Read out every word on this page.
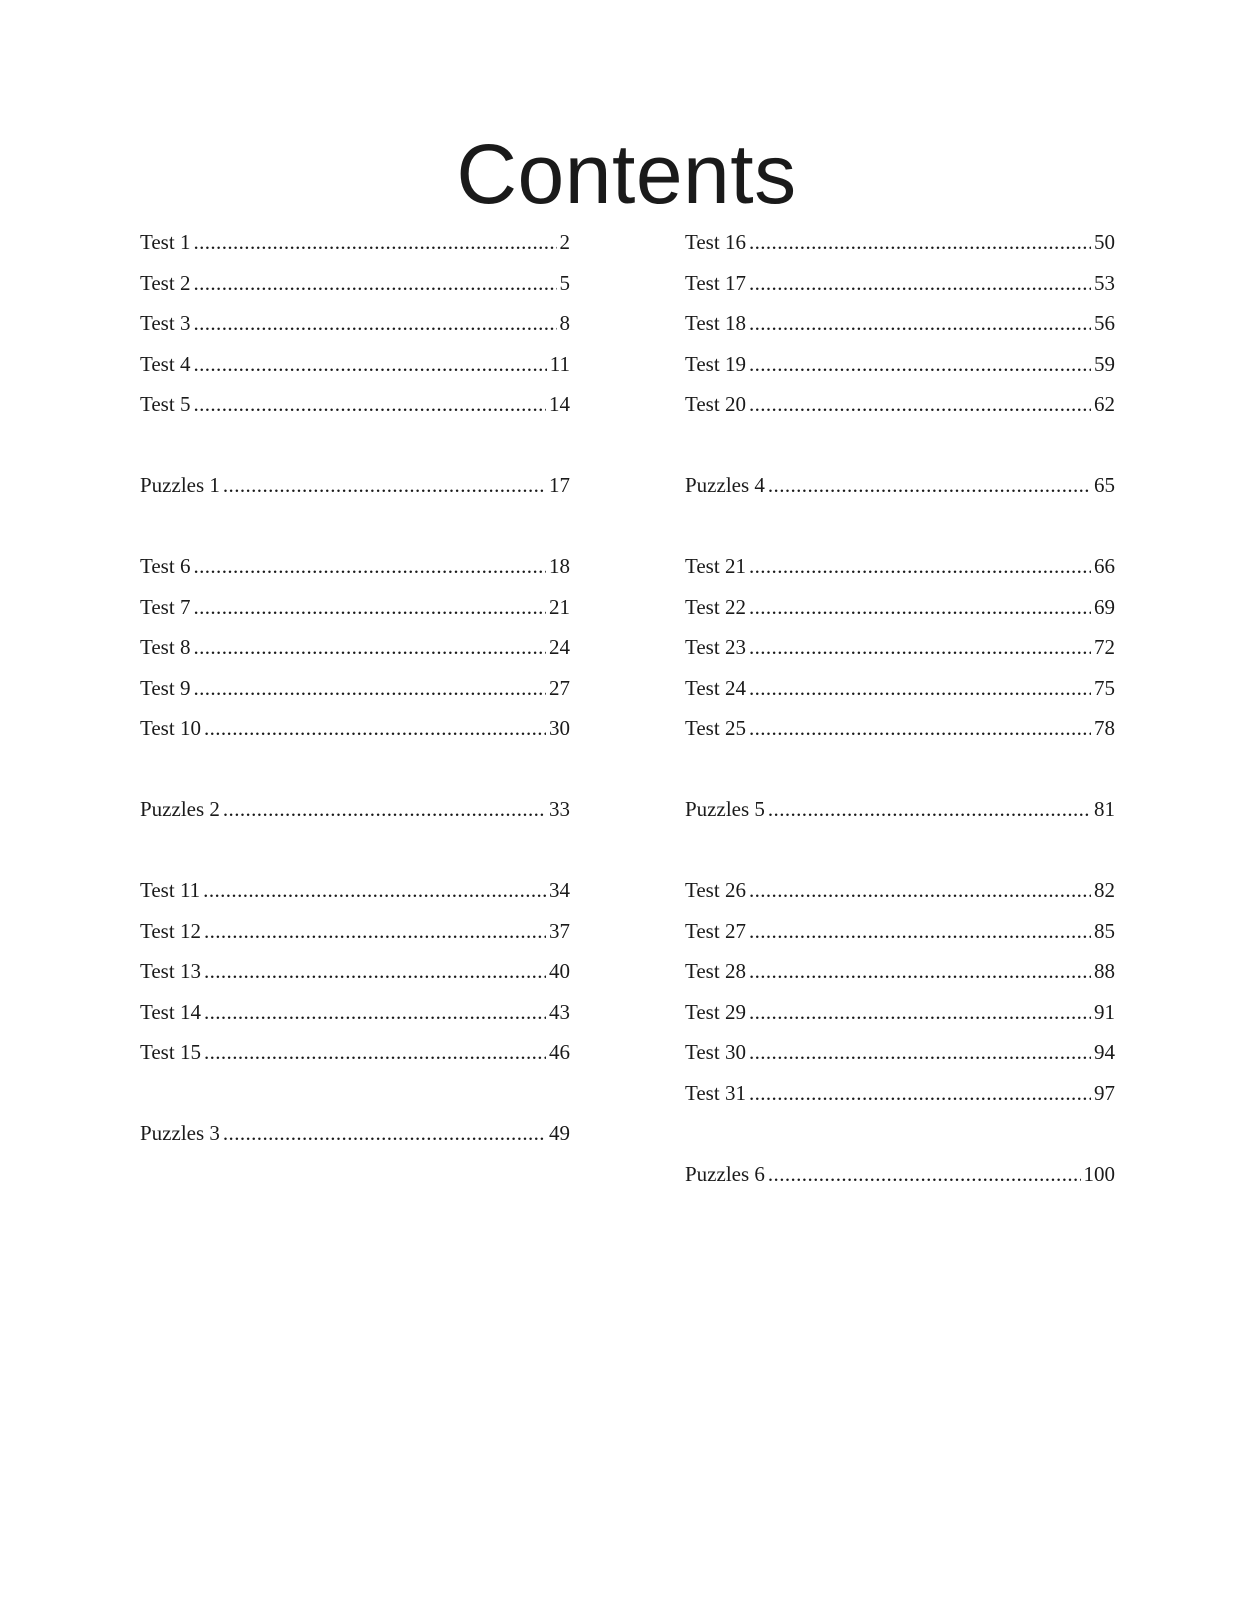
Contents
Test 1 .....	2
Test 2 .....	5
Test 3 .....	8
Test 4 .....	11
Test 5 .....	14
Puzzles 1 .....	17
Test 6 .....	18
Test 7 .....	21
Test 8 .....	24
Test 9 .....	27
Test 10 .....	30
Puzzles 2 .....	33
Test 11 .....	34
Test 12 .....	37
Test 13 .....	40
Test 14 .....	43
Test 15 .....	46
Puzzles 3 .....	49
Test 16 .....	50
Test 17 .....	53
Test 18 .....	56
Test 19 .....	59
Test 20 .....	62
Puzzles 4 .....	65
Test 21 .....	66
Test 22 .....	69
Test 23 .....	72
Test 24 .....	75
Test 25 .....	78
Puzzles 5 .....	81
Test 26 .....	82
Test 27 .....	85
Test 28 .....	88
Test 29 .....	91
Test 30 .....	94
Test 31 .....	97
Puzzles 6 .....	100
